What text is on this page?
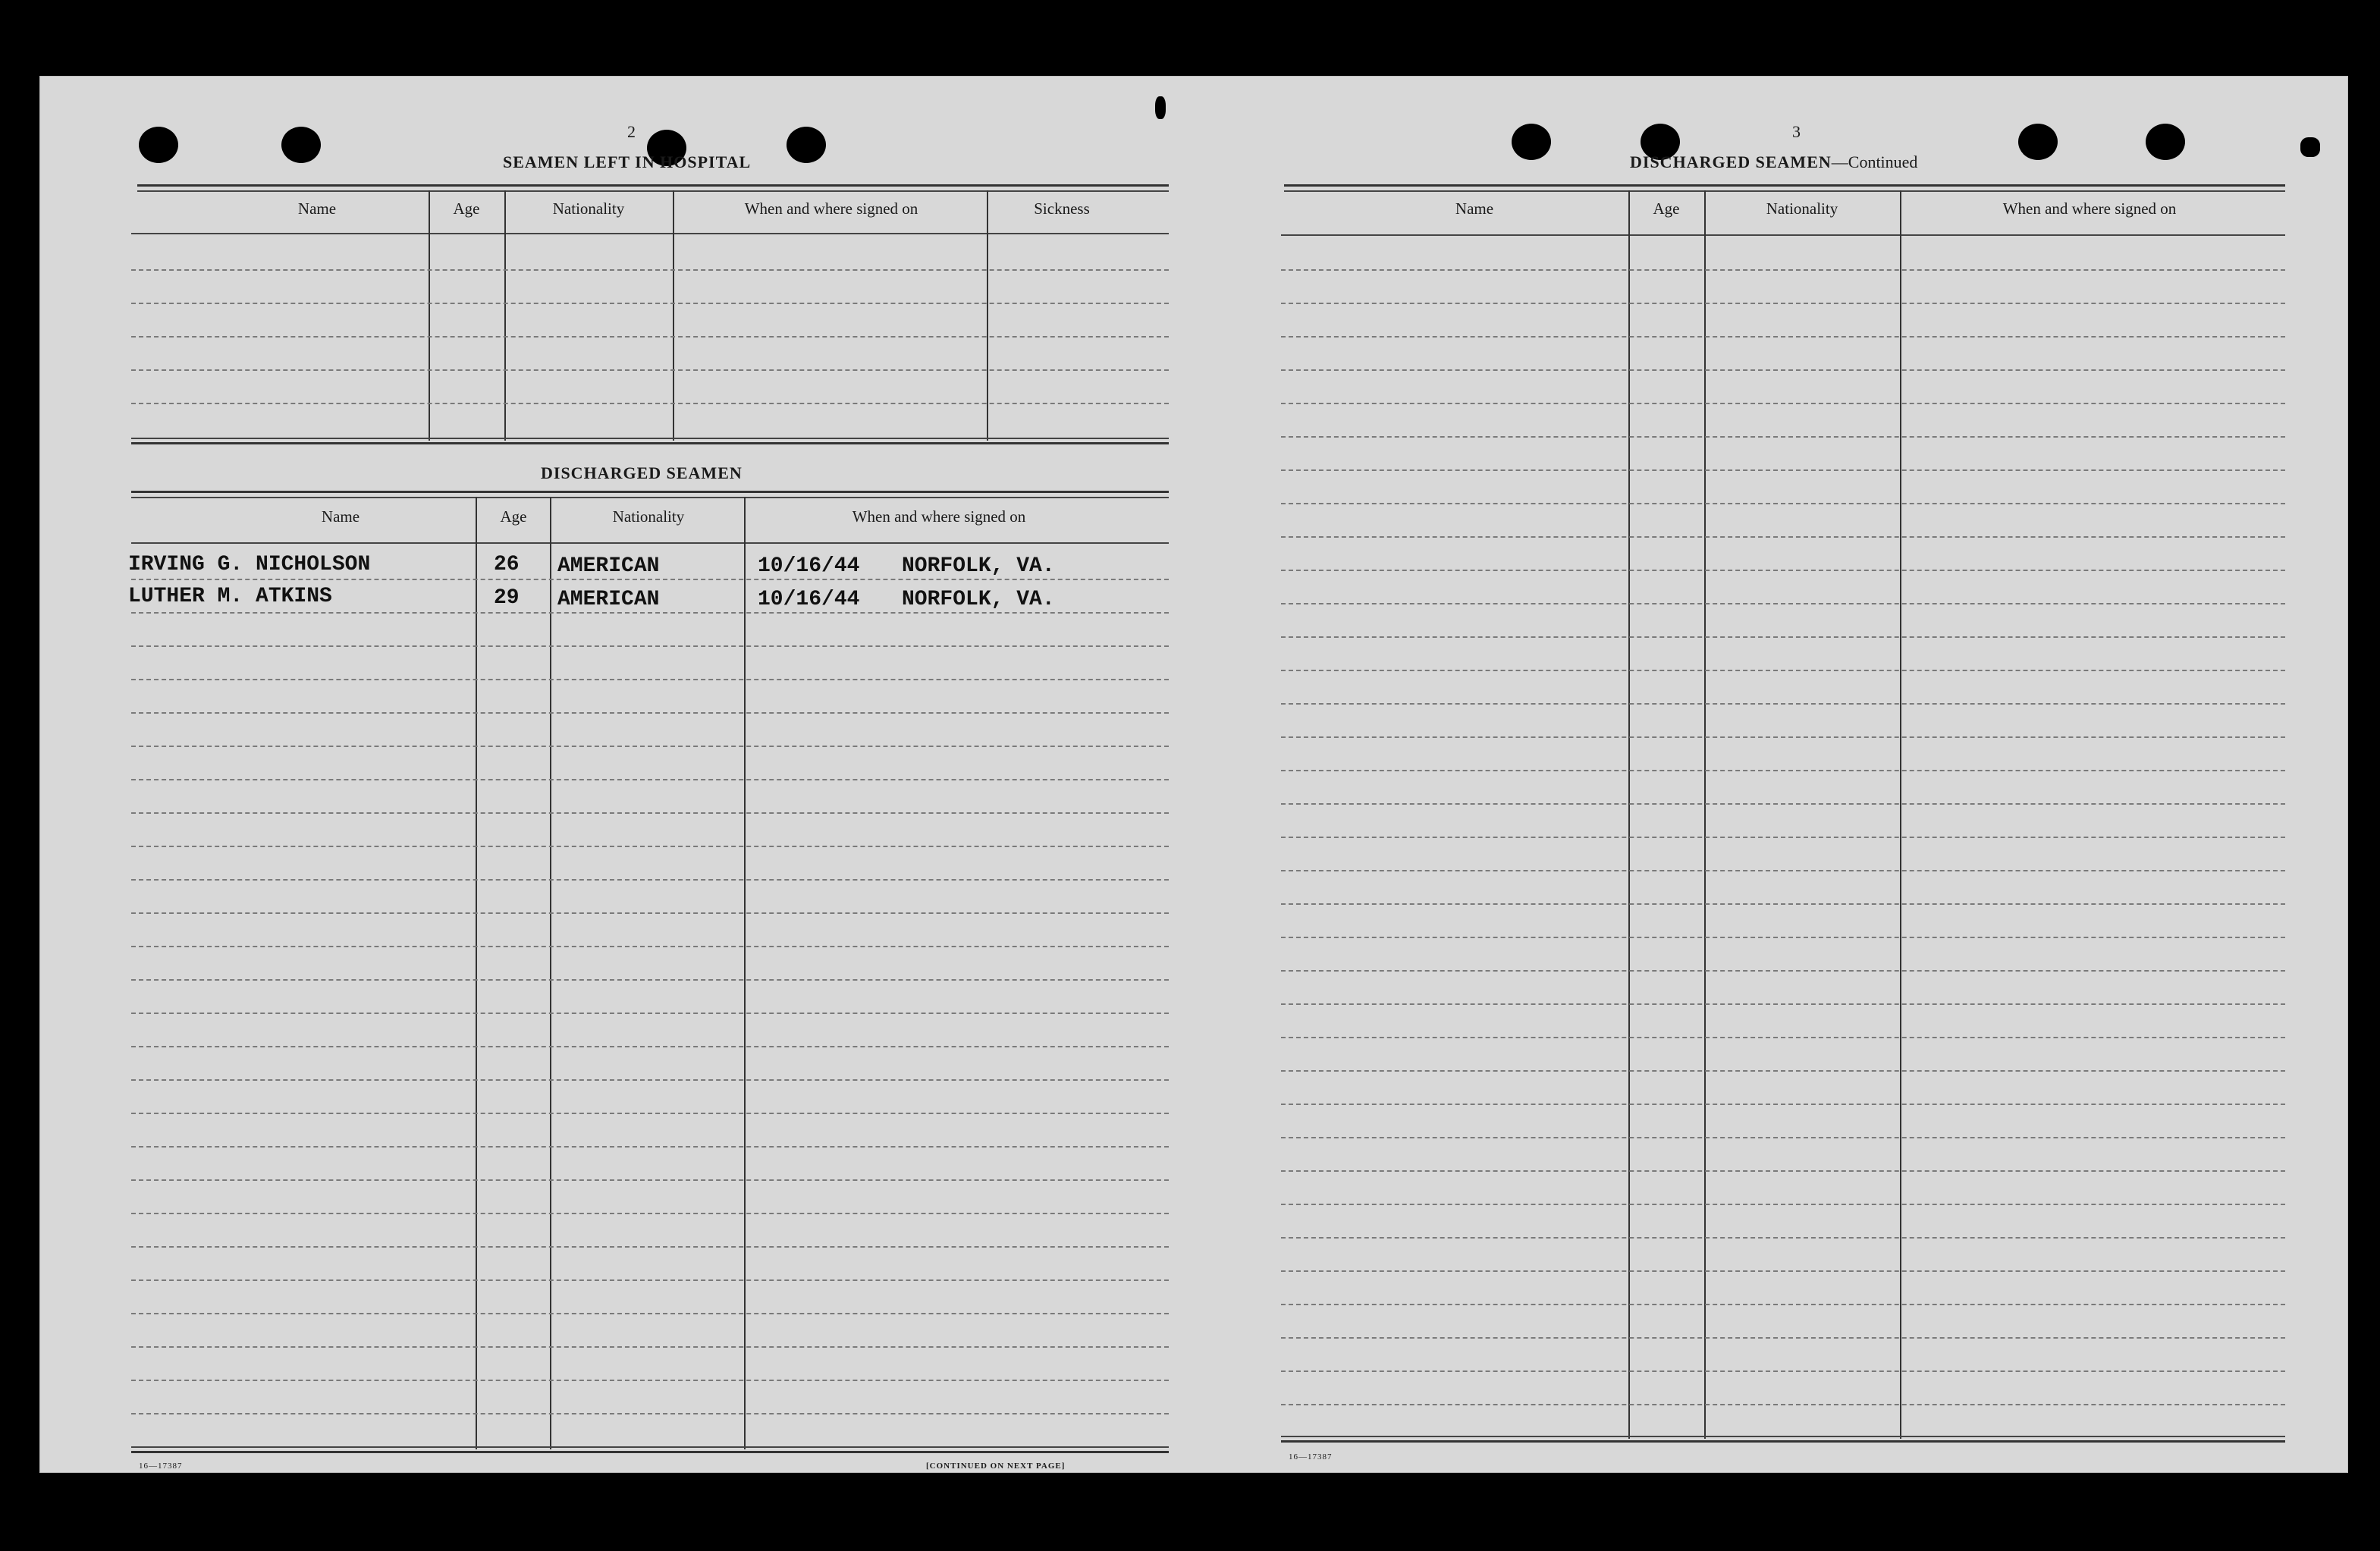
2
SEAMEN LEFT IN HOSPITAL
Name	Age	Nationality	When and where signed on	Sickness
DISCHARGED SEAMEN
Name	Age	Nationality	When and where signed on
IRVING G. NICHOLSON	26 AMERICAN	10/16/44 NORFOLK, VA.
LUTHER M. ATKINS	29 AMERICAN	10/16/44 NORFOLK, VA.
16—17387	[CONTINUED ON NEXT PAGE]
3
DISCHARGED SEAMEN—Continued
Name	Age	Nationality	When and where signed on
16—17387
